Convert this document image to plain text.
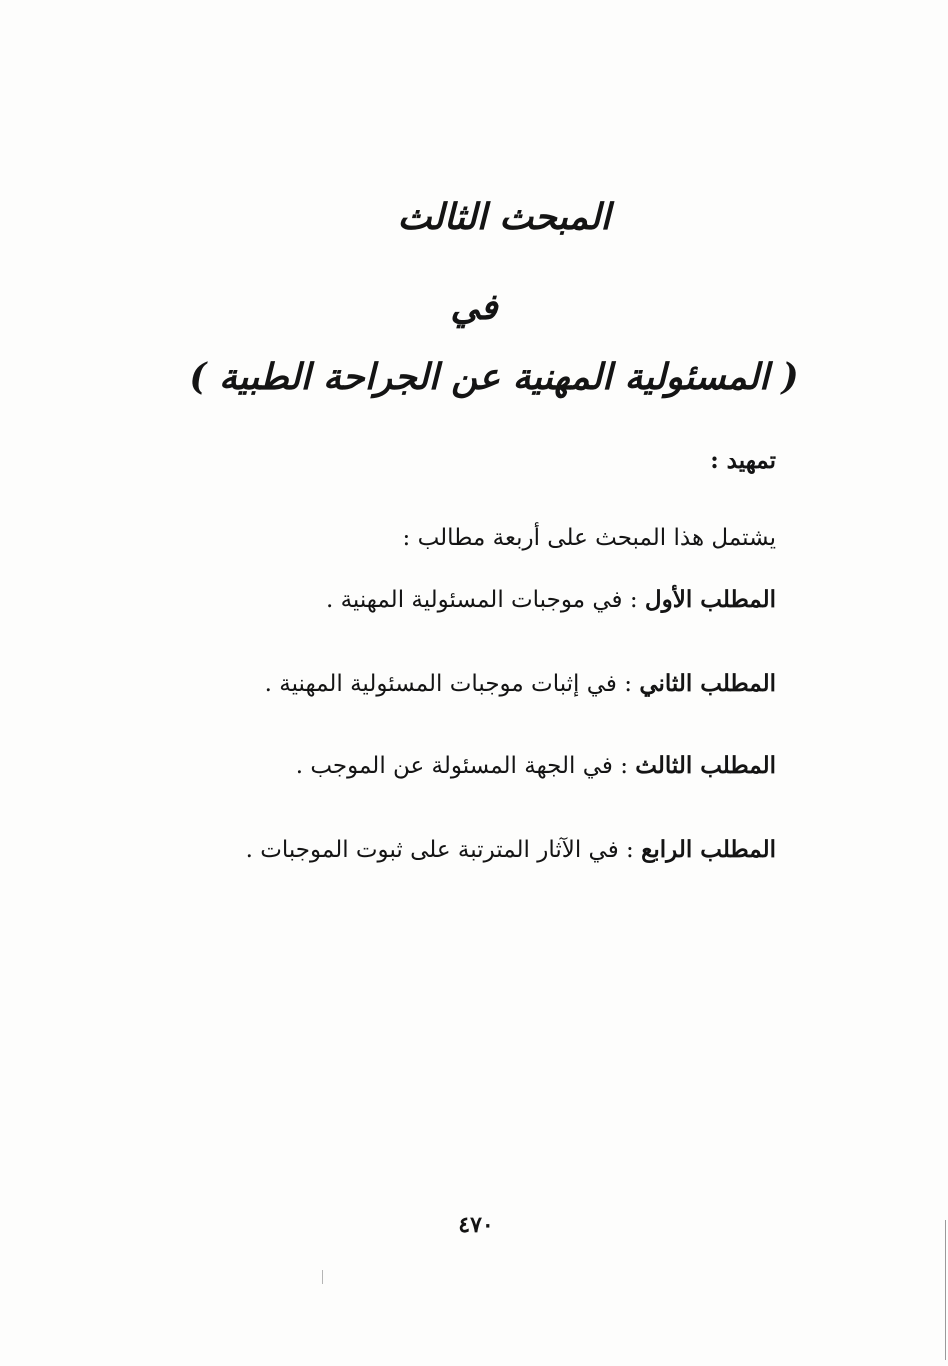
المبحث الثالث
في
( المسئولية المهنية عن الجراحة الطبية )
تمهيد :
يشتمل هذا المبحث على أربعة مطالب :
المطلب الأول : في موجبات المسئولية المهنية .
المطلب الثاني : في إثبات موجبات المسئولية المهنية .
المطلب الثالث : في الجهة المسئولة عن الموجب .
المطلب الرابع : في الآثار المترتبة على ثبوت الموجبات .
٤٧٠
